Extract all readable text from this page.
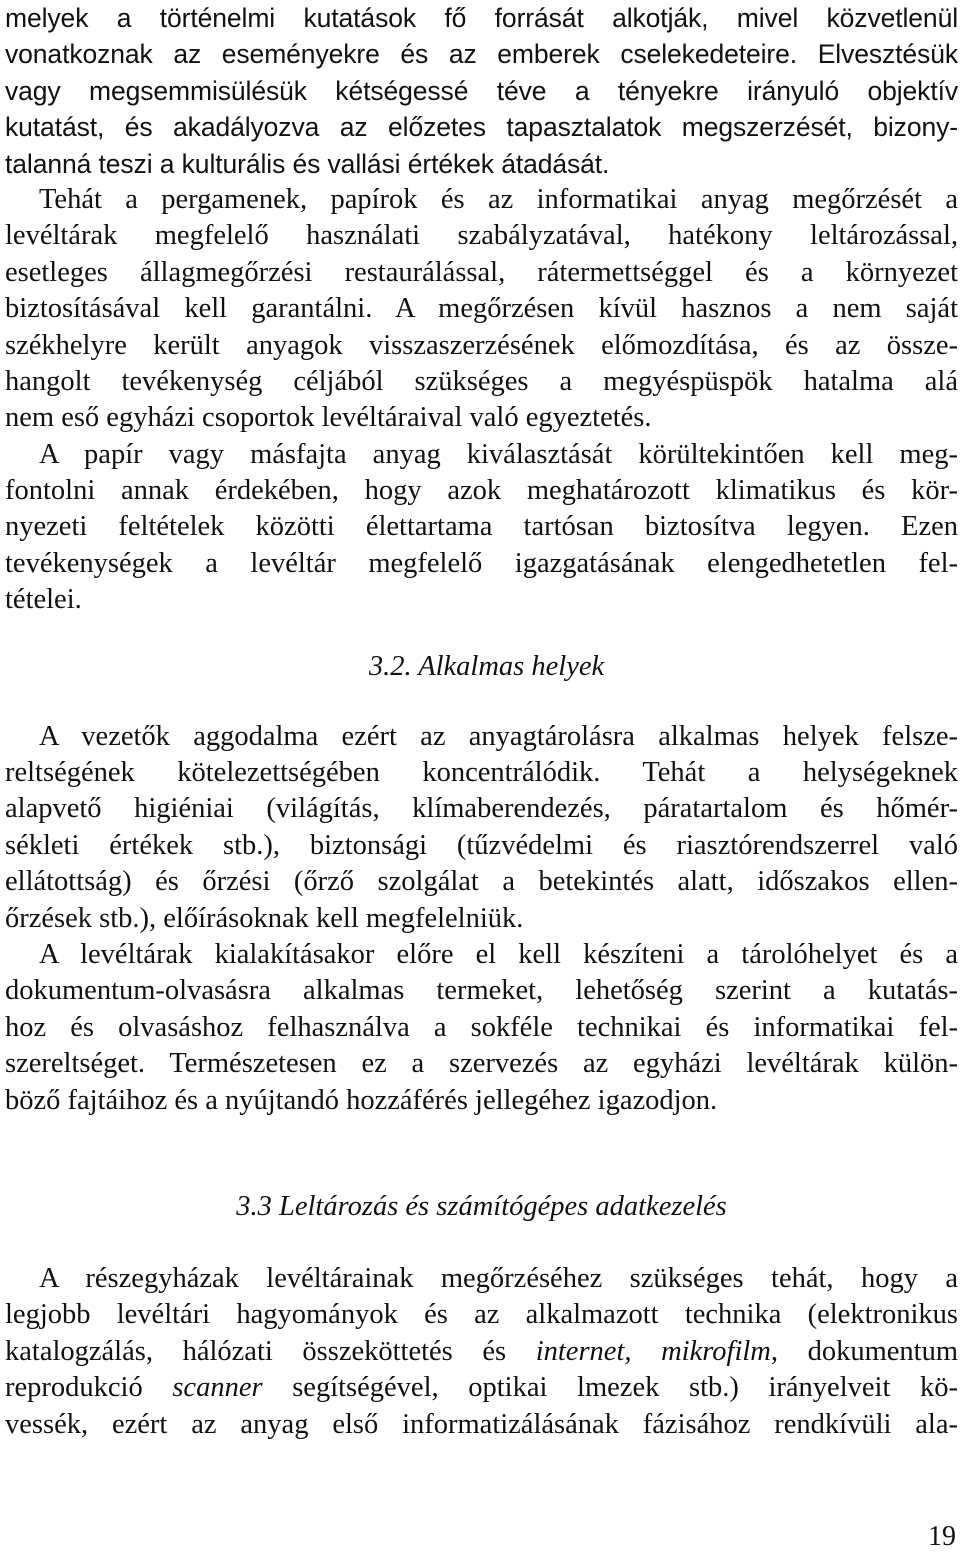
melyek a történelmi kutatások fő forrását alkotják, mivel közvetlenül
vonatkoznak az eseményekre és az emberek cselekedeteire. Elvesztésük
vagy megsemmisülésük kétségessé téve a tényekre irányuló objektív
kutatást, és akadályozva az előzetes tapasztalatok megszerzését, bizony-
talanná teszi a kulturális és vallási értékek átadását.
Tehát a pergamenek, papírok és az informatikai anyag megőrzését a
levéltárak megfelelő használati szabályzatával, hatékony leltározással,
esetleges állagmegőrzési restaurálással, rátermettséggel és a környezet
biztosításával kell garantálni. A megőrzésen kívül hasznos a nem saját
székhelyre került anyagok visszaszerzésének előmozdítása, és az össze-
hangolt tevékenység céljából szükséges a megyéspüspök hatalma alá
nem eső egyházi csoportok levéltáraival való egyeztetés.
A papír vagy másfajta anyag kiválasztását körültekintően kell meg-
fontolni annak érdekében, hogy azok meghatározott klimatikus és kör-
nyezeti feltételek közötti élettartama tartósan biztosítva legyen. Ezen
tevékenységek a levéltár megfelelő igazgatásának elengedhetetlen fel-
tételei.
3.2. Alkalmas helyek
A vezetők aggodalma ezért az anyagtárolásra alkalmas helyek felsze-
reltségének kötelezettségében koncentrálódik. Tehát a helységeknek
alapvető higiéniai (világítás, klímaberendezés, páratartalom és hőmér-
sékleti értékek stb.), biztonsági (tűzvédelmi és riasztórendszerrel való
ellátottság) és őrzési (őrző szolgálat a betekintés alatt, időszakos ellen-
őrzések stb.), előírásoknak kell megfelelniük.
A levéltárak kialakításakor előre el kell készíteni a tárolóhelyet és a
dokumentum-olvasásra alkalmas termeket, lehetőség szerint a kutatás-
hoz és olvasáshoz felhasználva a sokféle technikai és informatikai fel-
szereltséget. Természetesen ez a szervezés az egyházi levéltárak külön-
böző fajtáihoz és a nyújtandó hozzáférés jellegéhez igazodjon.
3.3 Leltározás és számítógépes adatkezelés
A részegyházak levéltárainak megőrzéséhez szükséges tehát, hogy a
legjobb levéltári hagyományok és az alkalmazott technika (elektronikus
katalogzálás, hálózati összeköttetés és internet, mikrofilm, dokumentum
reprodukció scanner segítségével, optikai lmezek stb.) irányelveit kö-
vessék, ezért az anyag első informatizálásának fázisához rendkívüli ala-
19
